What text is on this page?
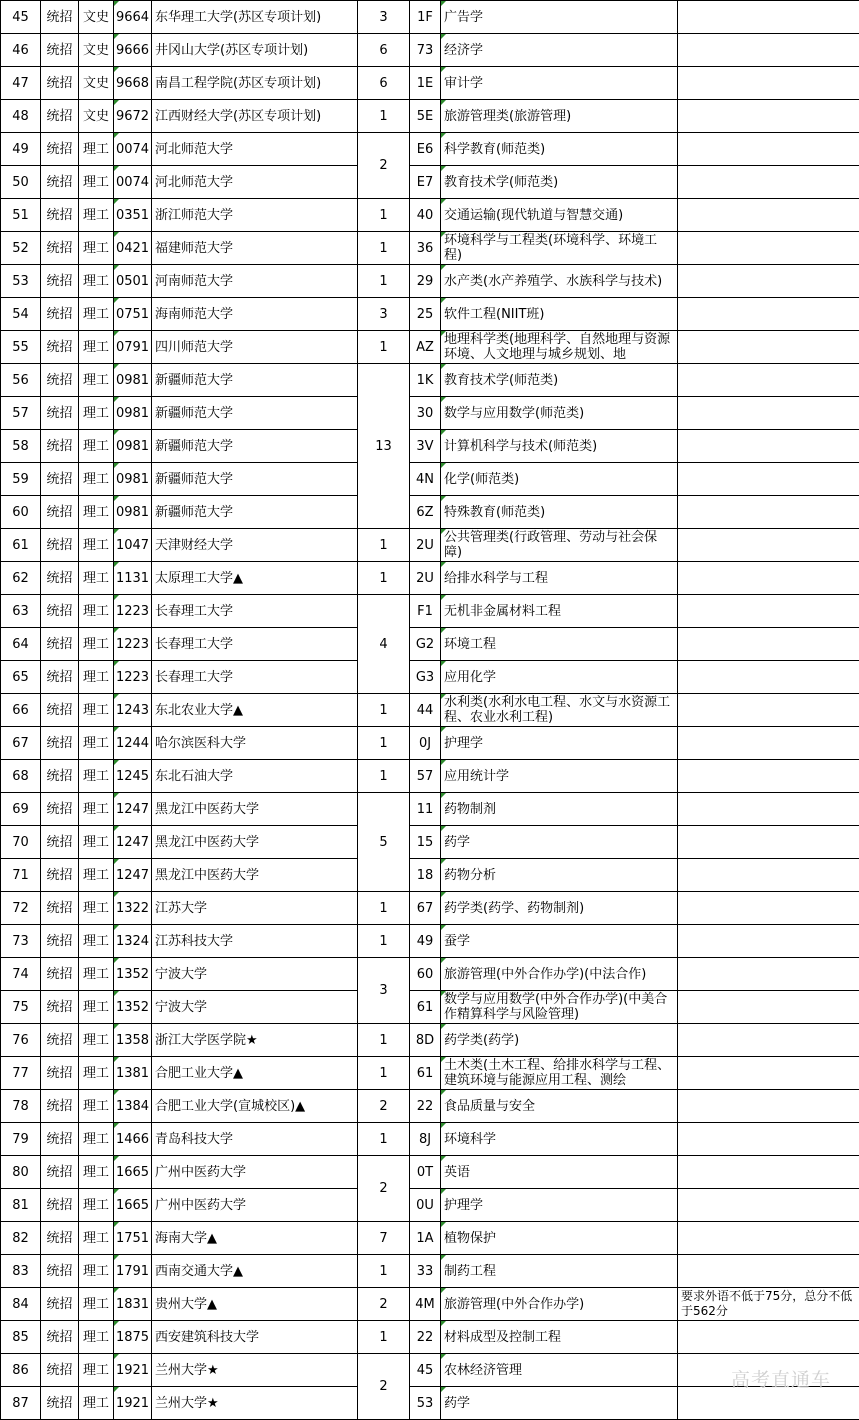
45	统招	文史	9664	东华理工大学(苏区专项计划)	3	1F	广告学	
46	统招	文史	9666	井冈山大学(苏区专项计划)	6	73	经济学	
47	统招	文史	9668	南昌工程学院(苏区专项计划)	6	1E	审计学	
48	统招	文史	9672	江西财经大学(苏区专项计划)	1	5E	旅游管理类(旅游管理)	
49	统招	理工	0074	河北师范大学	2	E6	科学教育(师范类)	
50	统招	理工	0074	河北师范大学		E7	教育技术学(师范类)	
51	统招	理工	0351	浙江师范大学	1	40	交通运输(现代轨道与智慧交通)	
52	统招	理工	0421	福建师范大学	1	36	环境科学与工程类(环境科学、环境工程)	
53	统招	理工	0501	河南师范大学	1	29	水产类(水产养殖学、水族科学与技术)	
54	统招	理工	0751	海南师范大学	3	25	软件工程(NIIT班)	
55	统招	理工	0791	四川师范大学	1	AZ	地理科学类(地理科学、自然地理与资源环境、人文地理与城乡规划、地	
56	统招	理工	0981	新疆师范大学	13	1K	教育技术学(师范类)	
57	统招	理工	0981	新疆师范大学		30	数学与应用数学(师范类)	
58	统招	理工	0981	新疆师范大学		3V	计算机科学与技术(师范类)	
59	统招	理工	0981	新疆师范大学		4N	化学(师范类)	
60	统招	理工	0981	新疆师范大学		6Z	特殊教育(师范类)	
61	统招	理工	1047	天津财经大学	1	2U	公共管理类(行政管理、劳动与社会保障)	
62	统招	理工	1131	太原理工大学▲	1	2U	给排水科学与工程	
63	统招	理工	1223	长春理工大学	4	F1	无机非金属材料工程	
64	统招	理工	1223	长春理工大学		G2	环境工程	
65	统招	理工	1223	长春理工大学		G3	应用化学	
66	统招	理工	1243	东北农业大学▲	1	44	水利类(水利水电工程、水文与水资源工程、农业水利工程)	
67	统招	理工	1244	哈尔滨医科大学	1	0J	护理学	
68	统招	理工	1245	东北石油大学	1	57	应用统计学	
69	统招	理工	1247	黑龙江中医药大学	5	11	药物制剂	
70	统招	理工	1247	黑龙江中医药大学		15	药学	
71	统招	理工	1247	黑龙江中医药大学		18	药物分析	
72	统招	理工	1322	江苏大学	1	67	药学类(药学、药物制剂)	
73	统招	理工	1324	江苏科技大学	1	49	蚕学	
74	统招	理工	1352	宁波大学	3	60	旅游管理(中外合作办学)(中法合作)	
75	统招	理工	1352	宁波大学		61	数学与应用数学(中外合作办学)(中美合作精算科学与风险管理)	
76	统招	理工	1358	浙江大学医学院★	1	8D	药学类(药学)	
77	统招	理工	1381	合肥工业大学▲	1	61	土木类(土木工程、给排水科学与工程、建筑环境与能源应用工程、测绘	
78	统招	理工	1384	合肥工业大学(宣城校区)▲	2	22	食品质量与安全	
79	统招	理工	1466	青岛科技大学	1	8J	环境科学	
80	统招	理工	1665	广州中医药大学	2	0T	英语	
81	统招	理工	1665	广州中医药大学		0U	护理学	
82	统招	理工	1751	海南大学▲	7	1A	植物保护	
83	统招	理工	1791	西南交通大学▲	1	33	制药工程	
84	统招	理工	1831	贵州大学▲	2	4M	旅游管理(中外合作办学)	要求外语不低于75分，总分不低于562分
85	统招	理工	1875	西安建筑科技大学	1	22	材料成型及控制工程	
86	统招	理工	1921	兰州大学★	2	45	农林经济管理	
87	统招	理工	1921	兰州大学★		53	药学	
高考直通车
